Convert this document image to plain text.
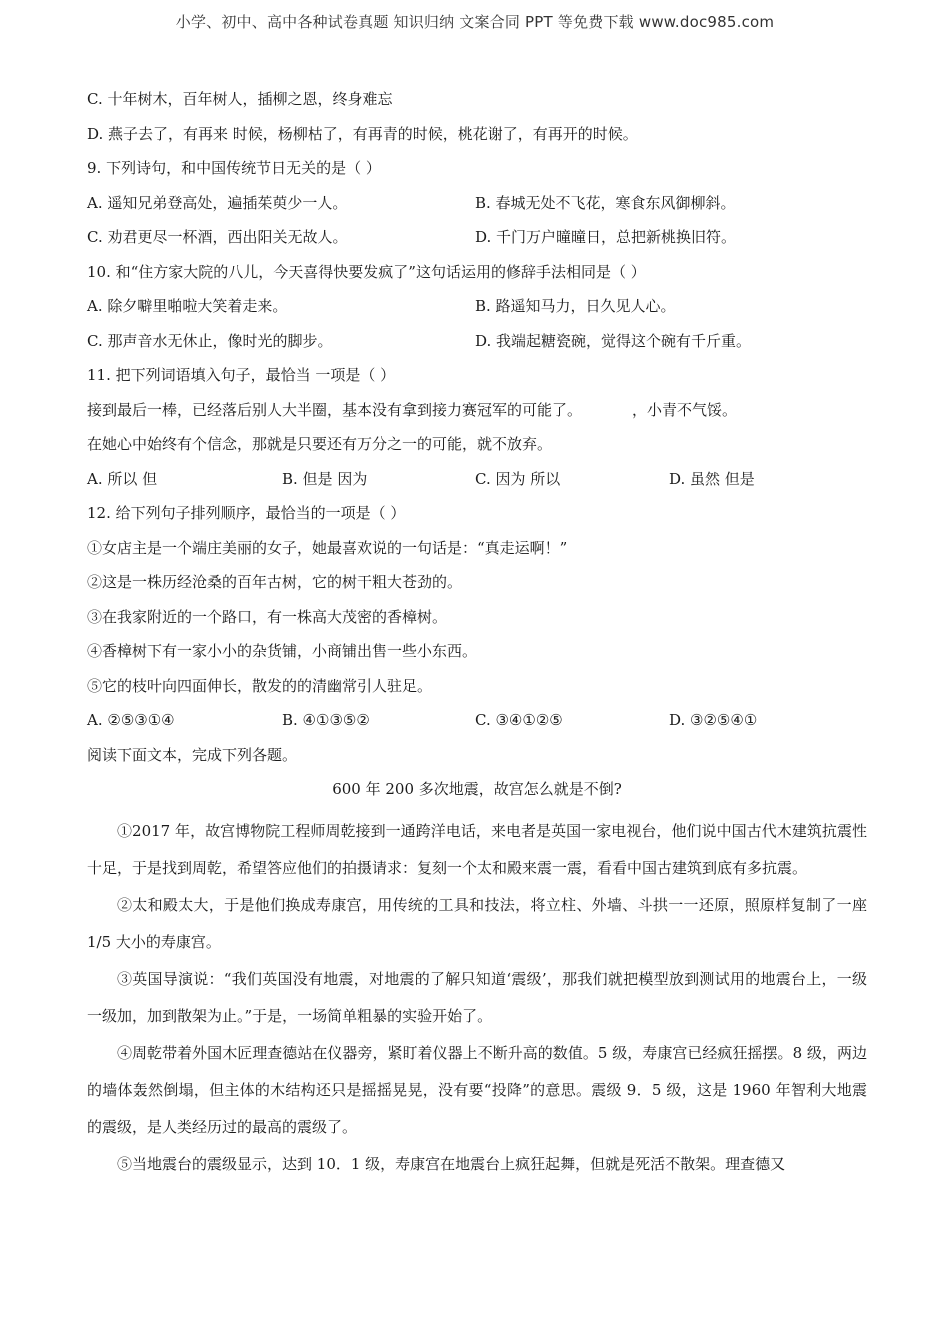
小学、初中、高中各种试卷真题 知识归纳 文案合同 PPT 等免费下载 www.doc985.com
C. 十年树木，百年树人，插柳之恩，终身难忘
D. 燕子去了，有再来 时候，杨柳枯了，有再青的时候，桃花谢了，有再开的时候。
9. 下列诗句，和中国传统节日无关的是（ ）
A. 遥知兄弟登高处，遍插茱萸少一人。	B. 春城无处不飞花，寒食东风御柳斜。
C. 劝君更尽一杯酒，西出阳关无故人。	D. 千门万户曈曈日，总把新桃换旧符。
10. 和“住方家大院的八儿，今天喜得快要发疯了”这句话运用的修辞手法相同是（ ）
A. 除夕噼里啪啦大笑着走来。	B. 路遥知马力，日久见人心。
C. 那声音水无休止，像时光的脚步。	D. 我端起糖瓷碗，觉得这个碗有千斤重。
11. 把下列词语填入句子，最恰当 一项是（ ）
接到最后一棒，已经落后别人大半圈，基本没有拿到接力赛冠军的可能了。	，小青不气馁。
在她心中始终有个信念，那就是只要还有万分之一的可能，就不放弃。
A. 所以 但	B. 但是 因为	C. 因为 所以	D. 虽然 但是
12. 给下列句子排列顺序，最恰当的一项是（ ）
①女店主是一个端庄美丽的女子，她最喜欢说的一句话是：“真走运啊！”
②这是一株历经沧桑的百年古树，它的树干粗大苍劲的。
③在我家附近的一个路口，有一株高大茂密的香樟树。
④香樟树下有一家小小的杂货铺，小商铺出售一些小东西。
⑤它的枝叶向四面伸长，散发的的清幽常引人驻足。
A. ②⑤③①④	B. ④①③⑤②	C. ③④①②⑤	D. ③②⑤④①
阅读下面文本，完成下列各题。
600 年 200 多次地震，故宫怎么就是不倒?
①2017 年，故宫博物院工程师周乾接到一通跨洋电话，来电者是英国一家电视台，他们说中国古代木建筑抗震性十足，于是找到周乾，希望答应他们的拍摄请求：复刻一个太和殿来震一震，看看中国古建筑到底有多抗震。
②太和殿太大，于是他们换成寿康宫，用传统的工具和技法，将立柱、外墙、斗拱一一还原，照原样复制了一座 1/5 大小的寿康宫。
③英国导演说：“我们英国没有地震，对地震的了解只知道‘震级’，那我们就把模型放到测试用的地震台上，一级一级加，加到散架为止。”于是，一场简单粗暴的实验开始了。
④周乾带着外国木匠理查德站在仪器旁，紧盯着仪器上不断升高的数值。5 级，寿康宫已经疯狂摇摆。8 级，两边的墙体轰然倒塌，但主体的木结构还只是摇摇晃晃，没有要“投降”的意思。震级 9．5 级，这是 1960 年智利大地震的震级，是人类经历过的最高的震级了。
⑤当地震台的震级显示，达到 10．1 级，寿康宫在地震台上疯狂起舞，但就是死活不散架。理查德又
